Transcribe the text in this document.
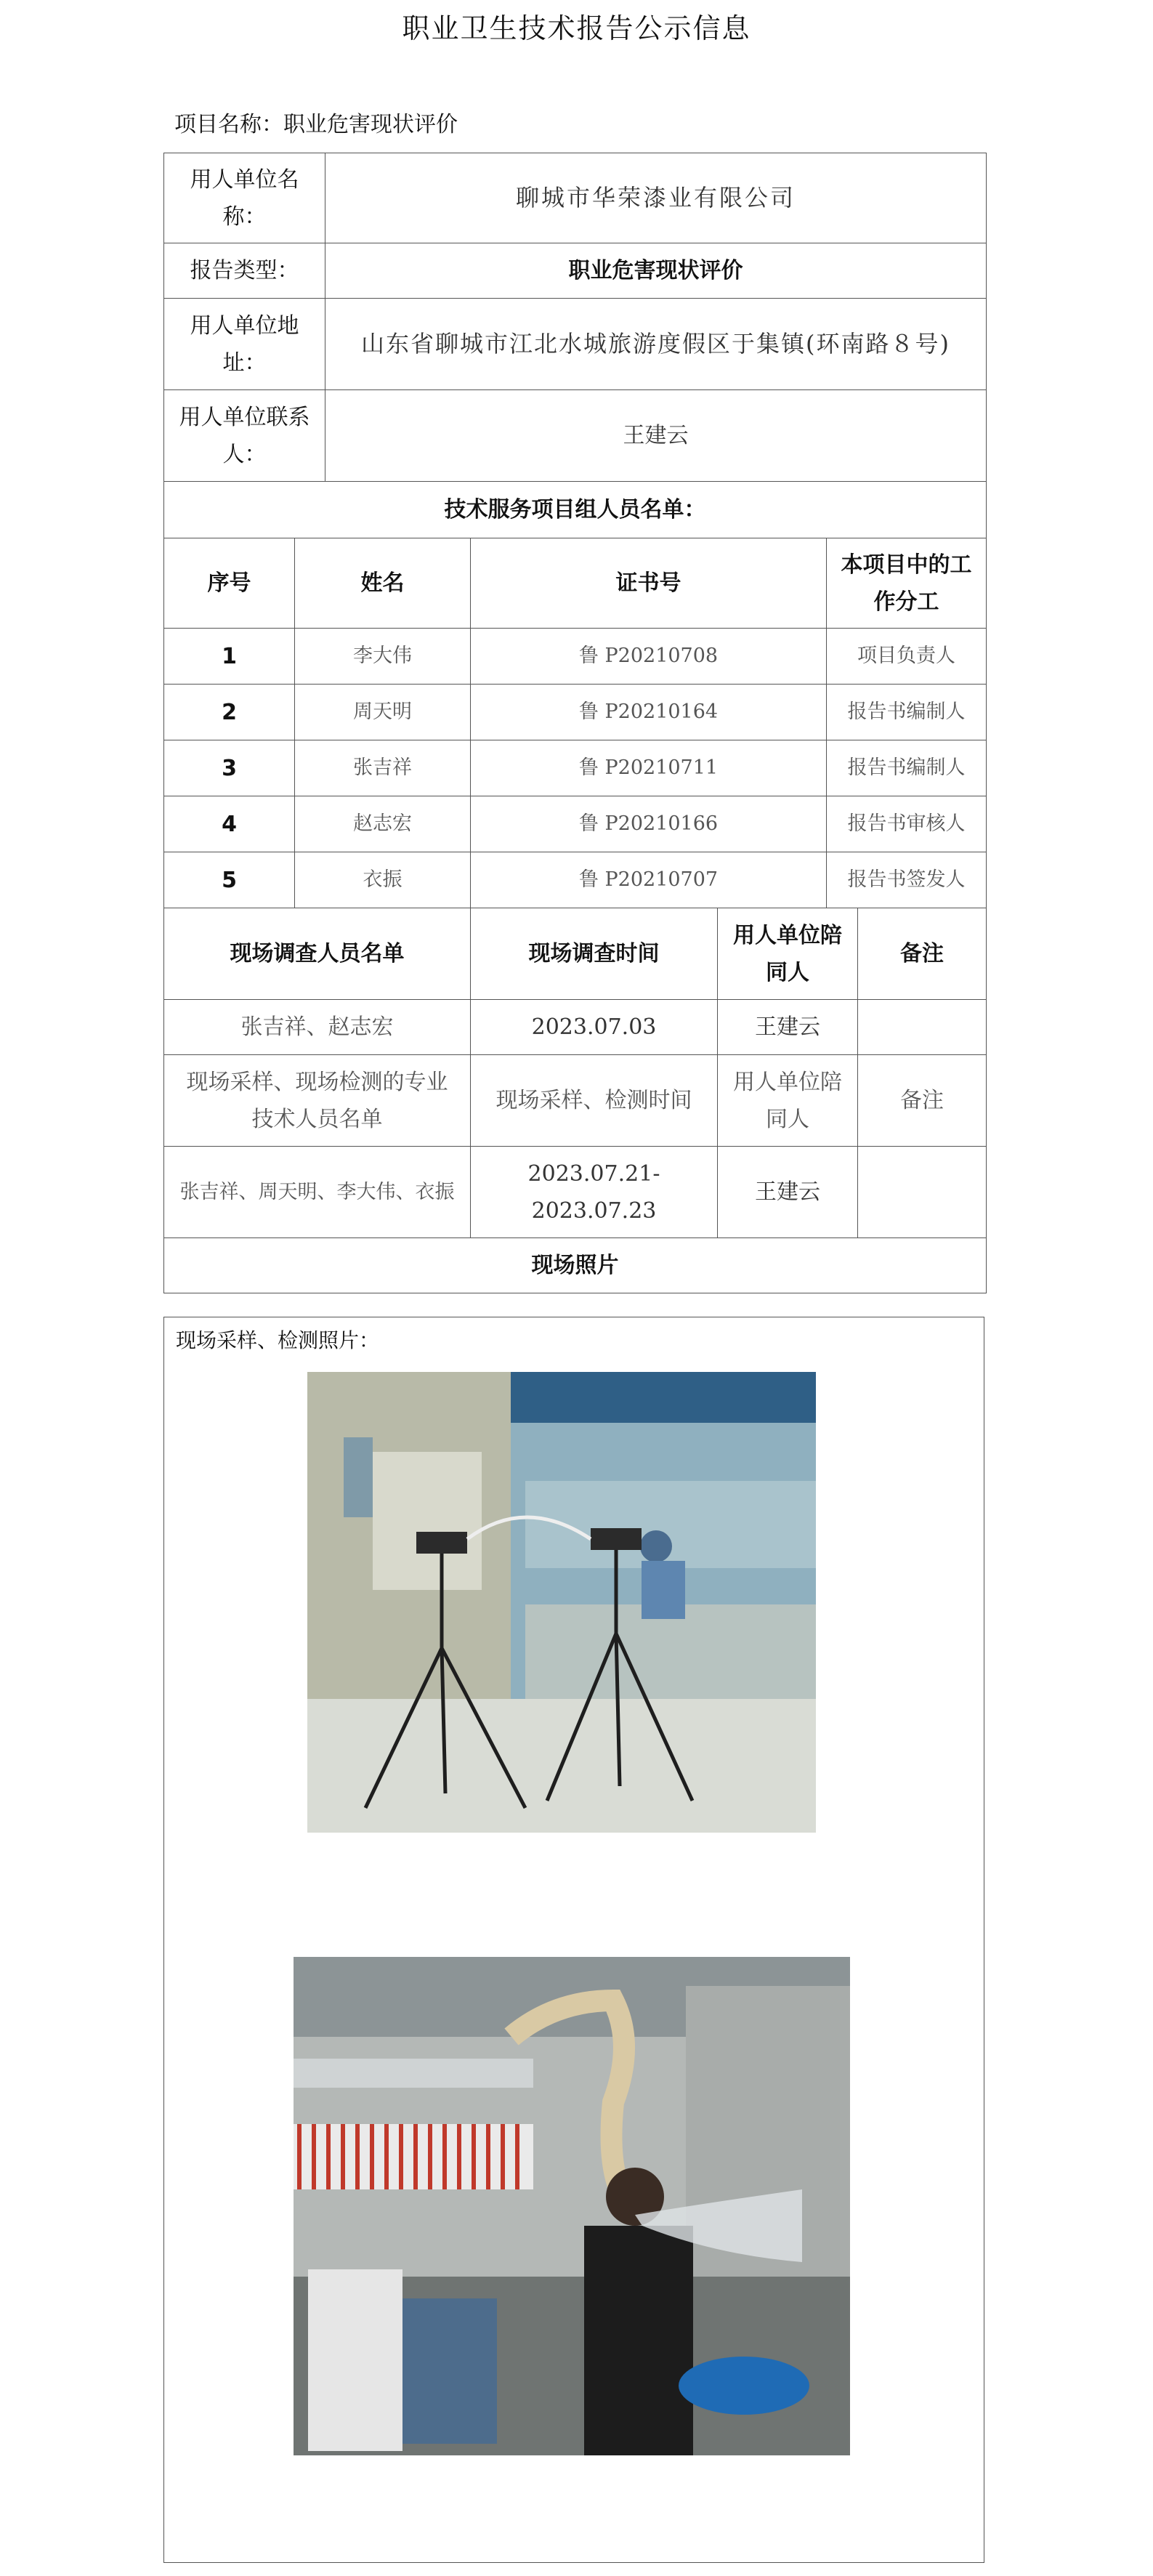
职业卫生技术报告公示信息
项目名称：职业危害现状评价
用人单位名称：		聊城市华荣漆业有限公司				
报告类型：		职业危害现状评价				
用人单位地址：		山东省聊城市江北水城旅游度假区于集镇(环南路８号)				
用人单位联系人：		王建云				
技术服务项目组人员名单：						
序号	姓名		证书号		本项目中的工作分工	
1	李大伟		鲁 P20210708		项目负责人	
2	周天明		鲁 P20210164		报告书编制人	
3	张吉祥		鲁 P20210711		报告书编制人	
4	赵志宏		鲁 P20210166		报告书审核人	
5	衣振		鲁 P20210707		报告书签发人	
现场调查人员名单			现场调查时间	用人单位陪同人		备注
张吉祥、赵志宏			2023.07.03	王建云		
现场采样、现场检测的专业技术人员名单			现场采样、检测时间	用人单位陪同人		备注
张吉祥、周天明、李大伟、衣振			2023.07.21-2023.07.23	王建云		
现场照片						
现场采样、检测照片：
